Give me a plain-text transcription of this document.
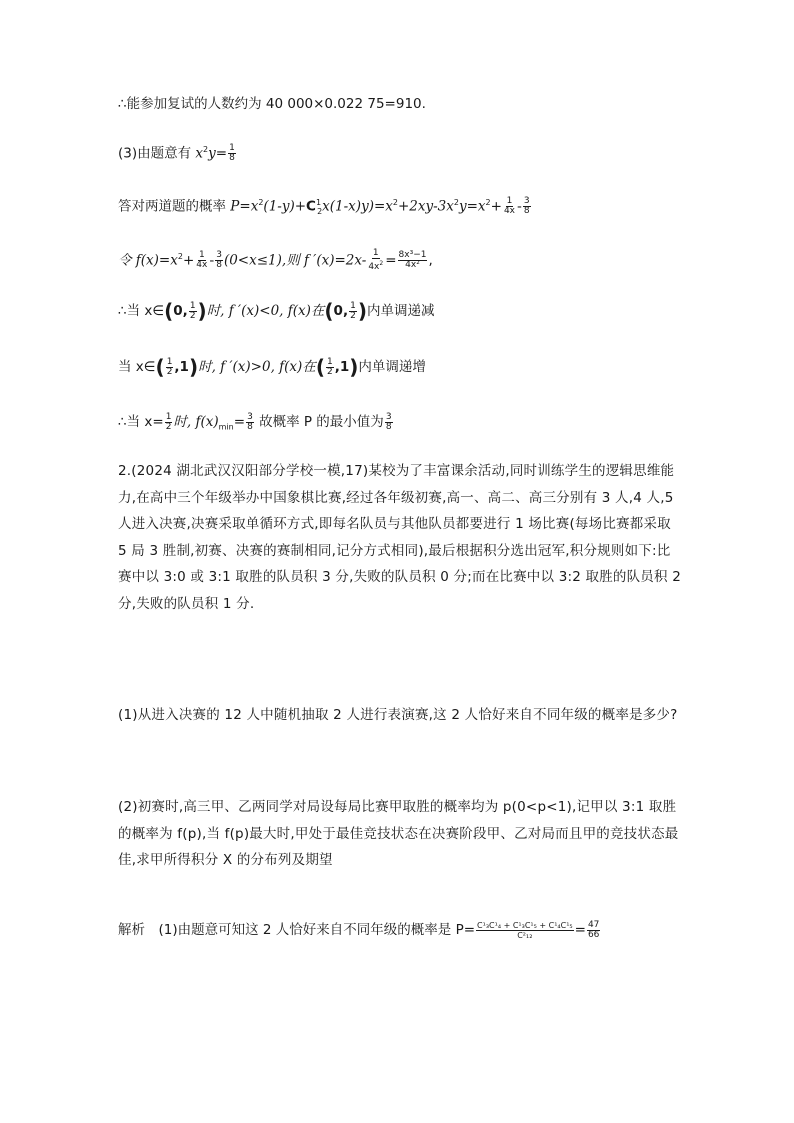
∴能参加复试的人数约为 40 000×0.022 75=910.
(3)由题意有 $x^2y= \frac{1}{8}$
答对两道题的概率 $P=x^2(1-y)+C^1_2x(1-x)y)=x^2+2xy-3x^2y=x^2+ \frac{1}{4x} - \frac{3}{8}$
令 $f(x)=x^2+ \frac{1}{4x} - \frac{3}{8} (0<x\le 1)$,则 f $'(x)=2x- \frac{1}{4x^2} = \frac{\text{8x³−1}}{\text{4x²}}$ ,
∴当 x∈(0, $\frac{1}{2}$ )时, f ′(x)<0, f(x)在(0, $\frac{1}{2}$ )内单调递减
当 x∈( $\frac{1}{2} ,1$)时, f ′(x)>0, f(x)在( $\frac{1}{2} ,1$)内单调递增
∴当 $x= \frac{1}{2}$ 时, $f(x)_{min}= \frac{3}{8}$ 故概率 P 的最小值为 $\frac{3}{8}$
2.(2024 湖北武汉汉阳部分学校一模,17)某校为了丰富课余活动,同时训练学生的逻辑思维能力,在高中三个年级举办中国象棋比赛,经过各年级初赛,高一、高二、高三分别有 3 人,4 人,5 人进入决赛,决赛采取单循环方式,即每名队员与其他队员都要进行 1 场比赛(每场比赛都采取 5 局 3 胜制,初赛、决赛的赛制相同,记分方式相同),最后根据积分选出冠军,积分规则如下:比赛中以 3:0 或 3:1 取胜的队员积 3 分,失败的队员积 0 分;而在比赛中以 3:2 取胜的队员积 2 分,失败的队员积 1 分.
(1)从进入决赛的 12 人中随机抽取 2 人进行表演赛,这 2 人恰好来自不同年级的概率是多少?
(2)初赛时,高三甲、乙两同学对局设每局比赛甲取胜的概率均为 p(0<p<1),记甲以 3:1 取胜的概率为 f(p),当 f(p)最大时,甲处于最佳竞技状态在决赛阶段甲、乙对局而且甲的竞技状态最佳,求甲所得积分 X 的分布列及期望
解析　(1)由题意可知这 2 人恰好来自不同年级的概率是 $P= \frac{\text{C¹₃C¹₄ + C¹₃C¹₅ + C¹₄C¹₅}}{\text{C²₁₂}} = \frac{47}{66}$
